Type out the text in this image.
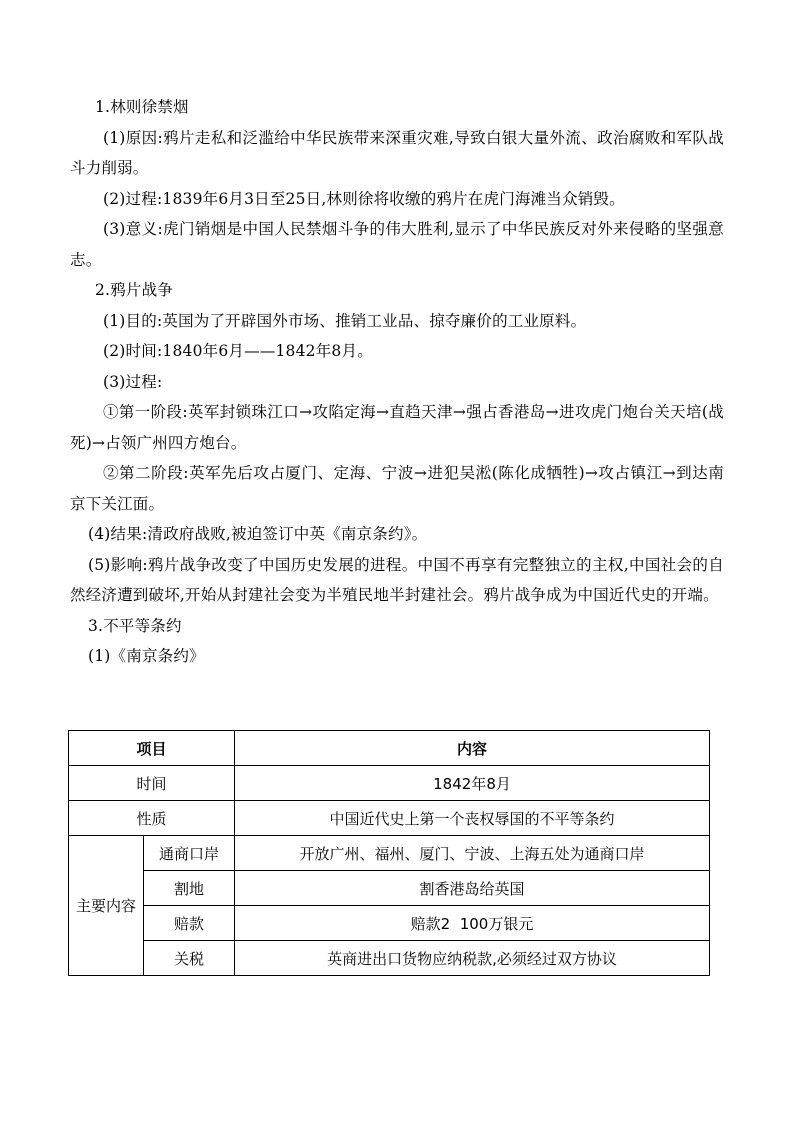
1.林则徐禁烟

(1)原因:鸦片走私和泛滥给中华民族带来深重灾难,导致白银大量外流、政治腐败和军队战斗力削弱。

(2)过程:1839年6月3日至25日,林则徐将收缴的鸦片在虎门海滩当众销毁。

(3)意义:虎门销烟是中国人民禁烟斗争的伟大胜利,显示了中华民族反对外来侵略的坚强意志。

2.鸦片战争

(1)目的:英国为了开辟国外市场、推销工业品、掠夺廉价的工业原料。

(2)时间:1840年6月——1842年8月。

(3)过程:

①第一阶段:英军封锁珠江口→攻陷定海→直趋天津→强占香港岛→进攻虎门炮台关天培(战死)→占领广州四方炮台。

②第二阶段:英军先后攻占厦门、定海、宁波→进犯吴淞(陈化成牺牲)→攻占镇江→到达南京下关江面。

(4)结果:清政府战败,被迫签订中英《南京条约》。

(5)影响:鸦片战争改变了中国历史发展的进程。中国不再享有完整独立的主权,中国社会的自然经济遭到破坏,开始从封建社会变为半殖民地半封建社会。鸦片战争成为中国近代史的开端。

3.不平等条约

(1)《南京条约》

项目		内容
时间		1842年8月
性质		中国近代史上第一个丧权辱国的不平等条约
主要内容	通商口岸	开放广州、福州、厦门、宁波、上海五处为通商口岸
	割地	割香港岛给英国
	赔款	赔款2  100万银元
	关税	英商进出口货物应纳税款,必须经过双方协议
